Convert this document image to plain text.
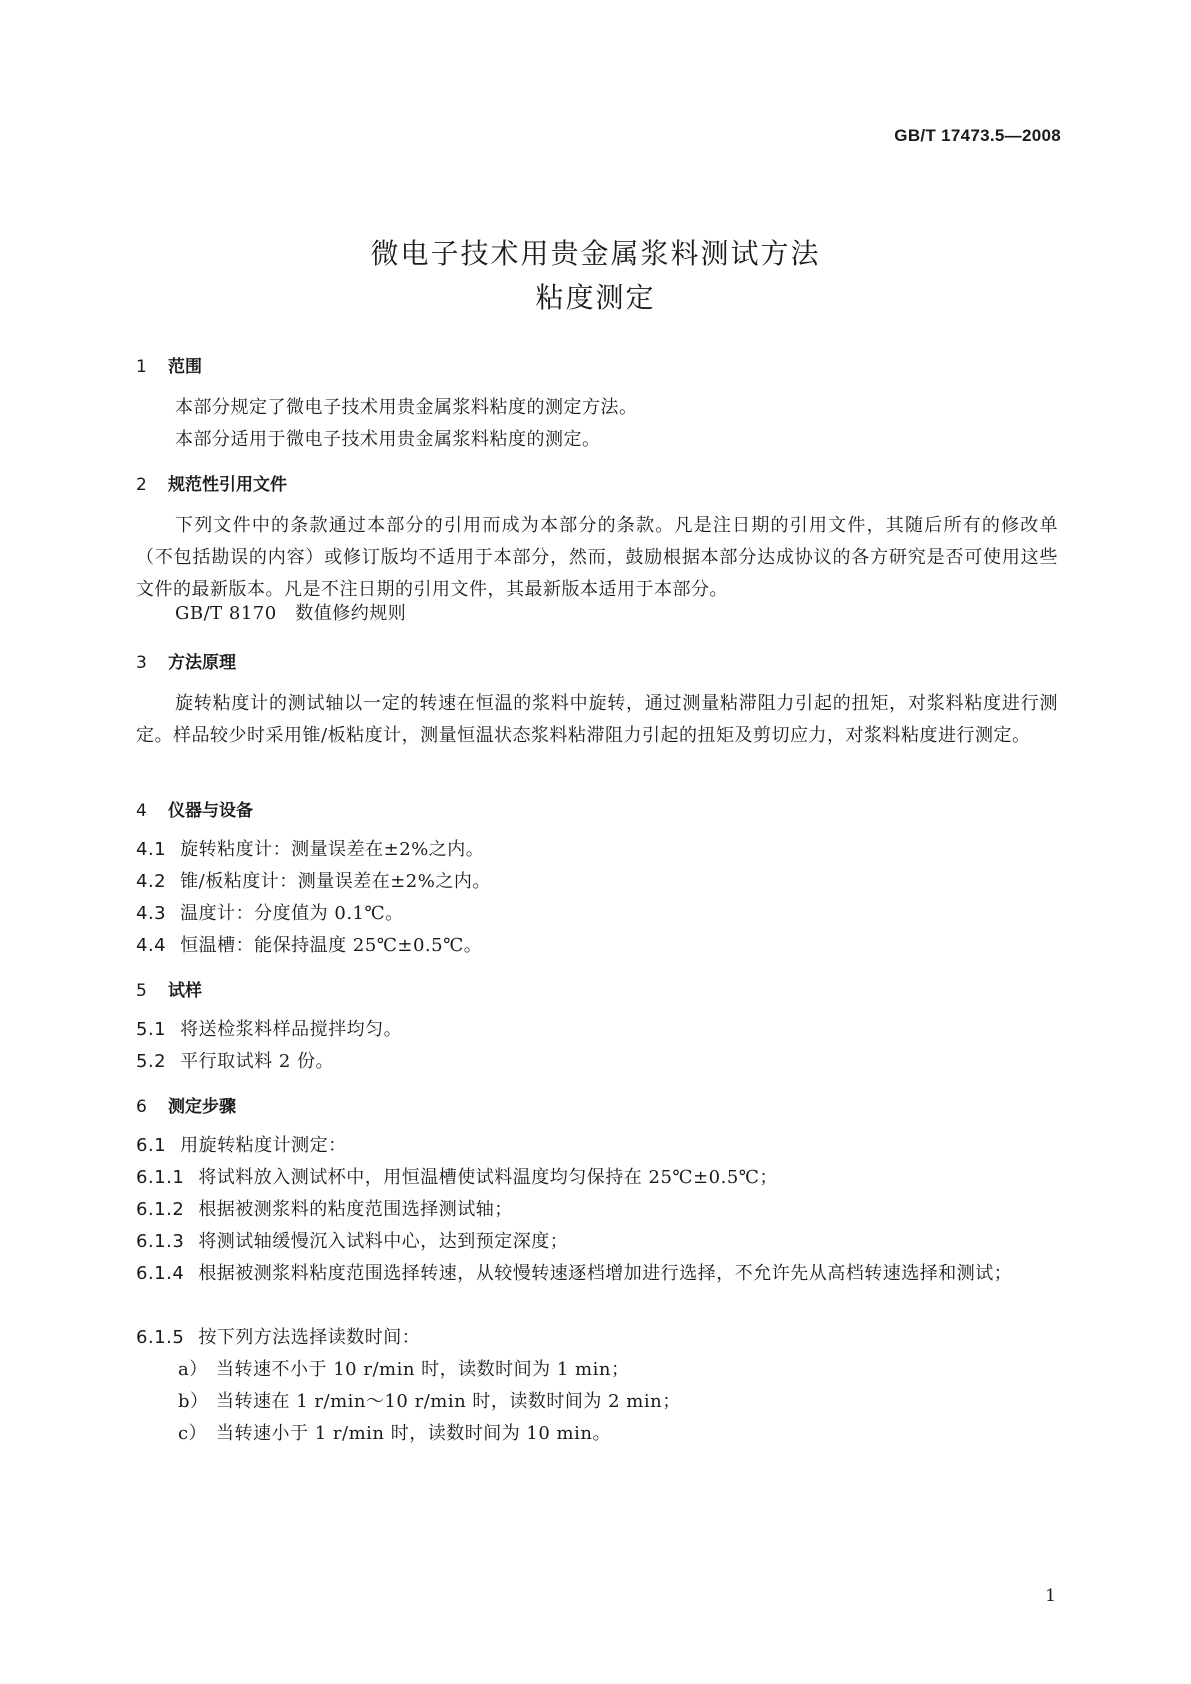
GB/T 17473.5—2008
微电子技术用贵金属浆料测试方法
粘度测定
1 范围
本部分规定了微电子技术用贵金属浆料粘度的测定方法。
本部分适用于微电子技术用贵金属浆料粘度的测定。
2 规范性引用文件
下列文件中的条款通过本部分的引用而成为本部分的条款。凡是注日期的引用文件，其随后所有的修改单（不包括勘误的内容）或修订版均不适用于本部分，然而，鼓励根据本部分达成协议的各方研究是否可使用这些文件的最新版本。凡是不注日期的引用文件，其最新版本适用于本部分。
GB/T 8170　数值修约规则
3 方法原理
旋转粘度计的测试轴以一定的转速在恒温的浆料中旋转，通过测量粘滞阻力引起的扭矩，对浆料粘度进行测定。样品较少时采用锥/板粘度计，测量恒温状态浆料粘滞阻力引起的扭矩及剪切应力，对浆料粘度进行测定。
4 仪器与设备
4.1 旋转粘度计：测量误差在±2%之内。
4.2 锥/板粘度计：测量误差在±2%之内。
4.3 温度计：分度值为 0.1℃。
4.4 恒温槽：能保持温度 25℃±0.5℃。
5 试样
5.1 将送检浆料样品搅拌均匀。
5.2 平行取试料 2 份。
6 测定步骤
6.1 用旋转粘度计测定：
6.1.1 将试料放入测试杯中，用恒温槽使试料温度均匀保持在 25℃±0.5℃；
6.1.2 根据被测浆料的粘度范围选择测试轴；
6.1.3 将测试轴缓慢沉入试料中心，达到预定深度；
6.1.4 根据被测浆料粘度范围选择转速，从较慢转速逐档增加进行选择，不允许先从高档转速选择和测试；
6.1.5 按下列方法选择读数时间：
a） 当转速不小于 10 r/min 时，读数时间为 1 min；
b） 当转速在 1 r/min～10 r/min 时，读数时间为 2 min；
c） 当转速小于 1 r/min 时，读数时间为 10 min。
1
